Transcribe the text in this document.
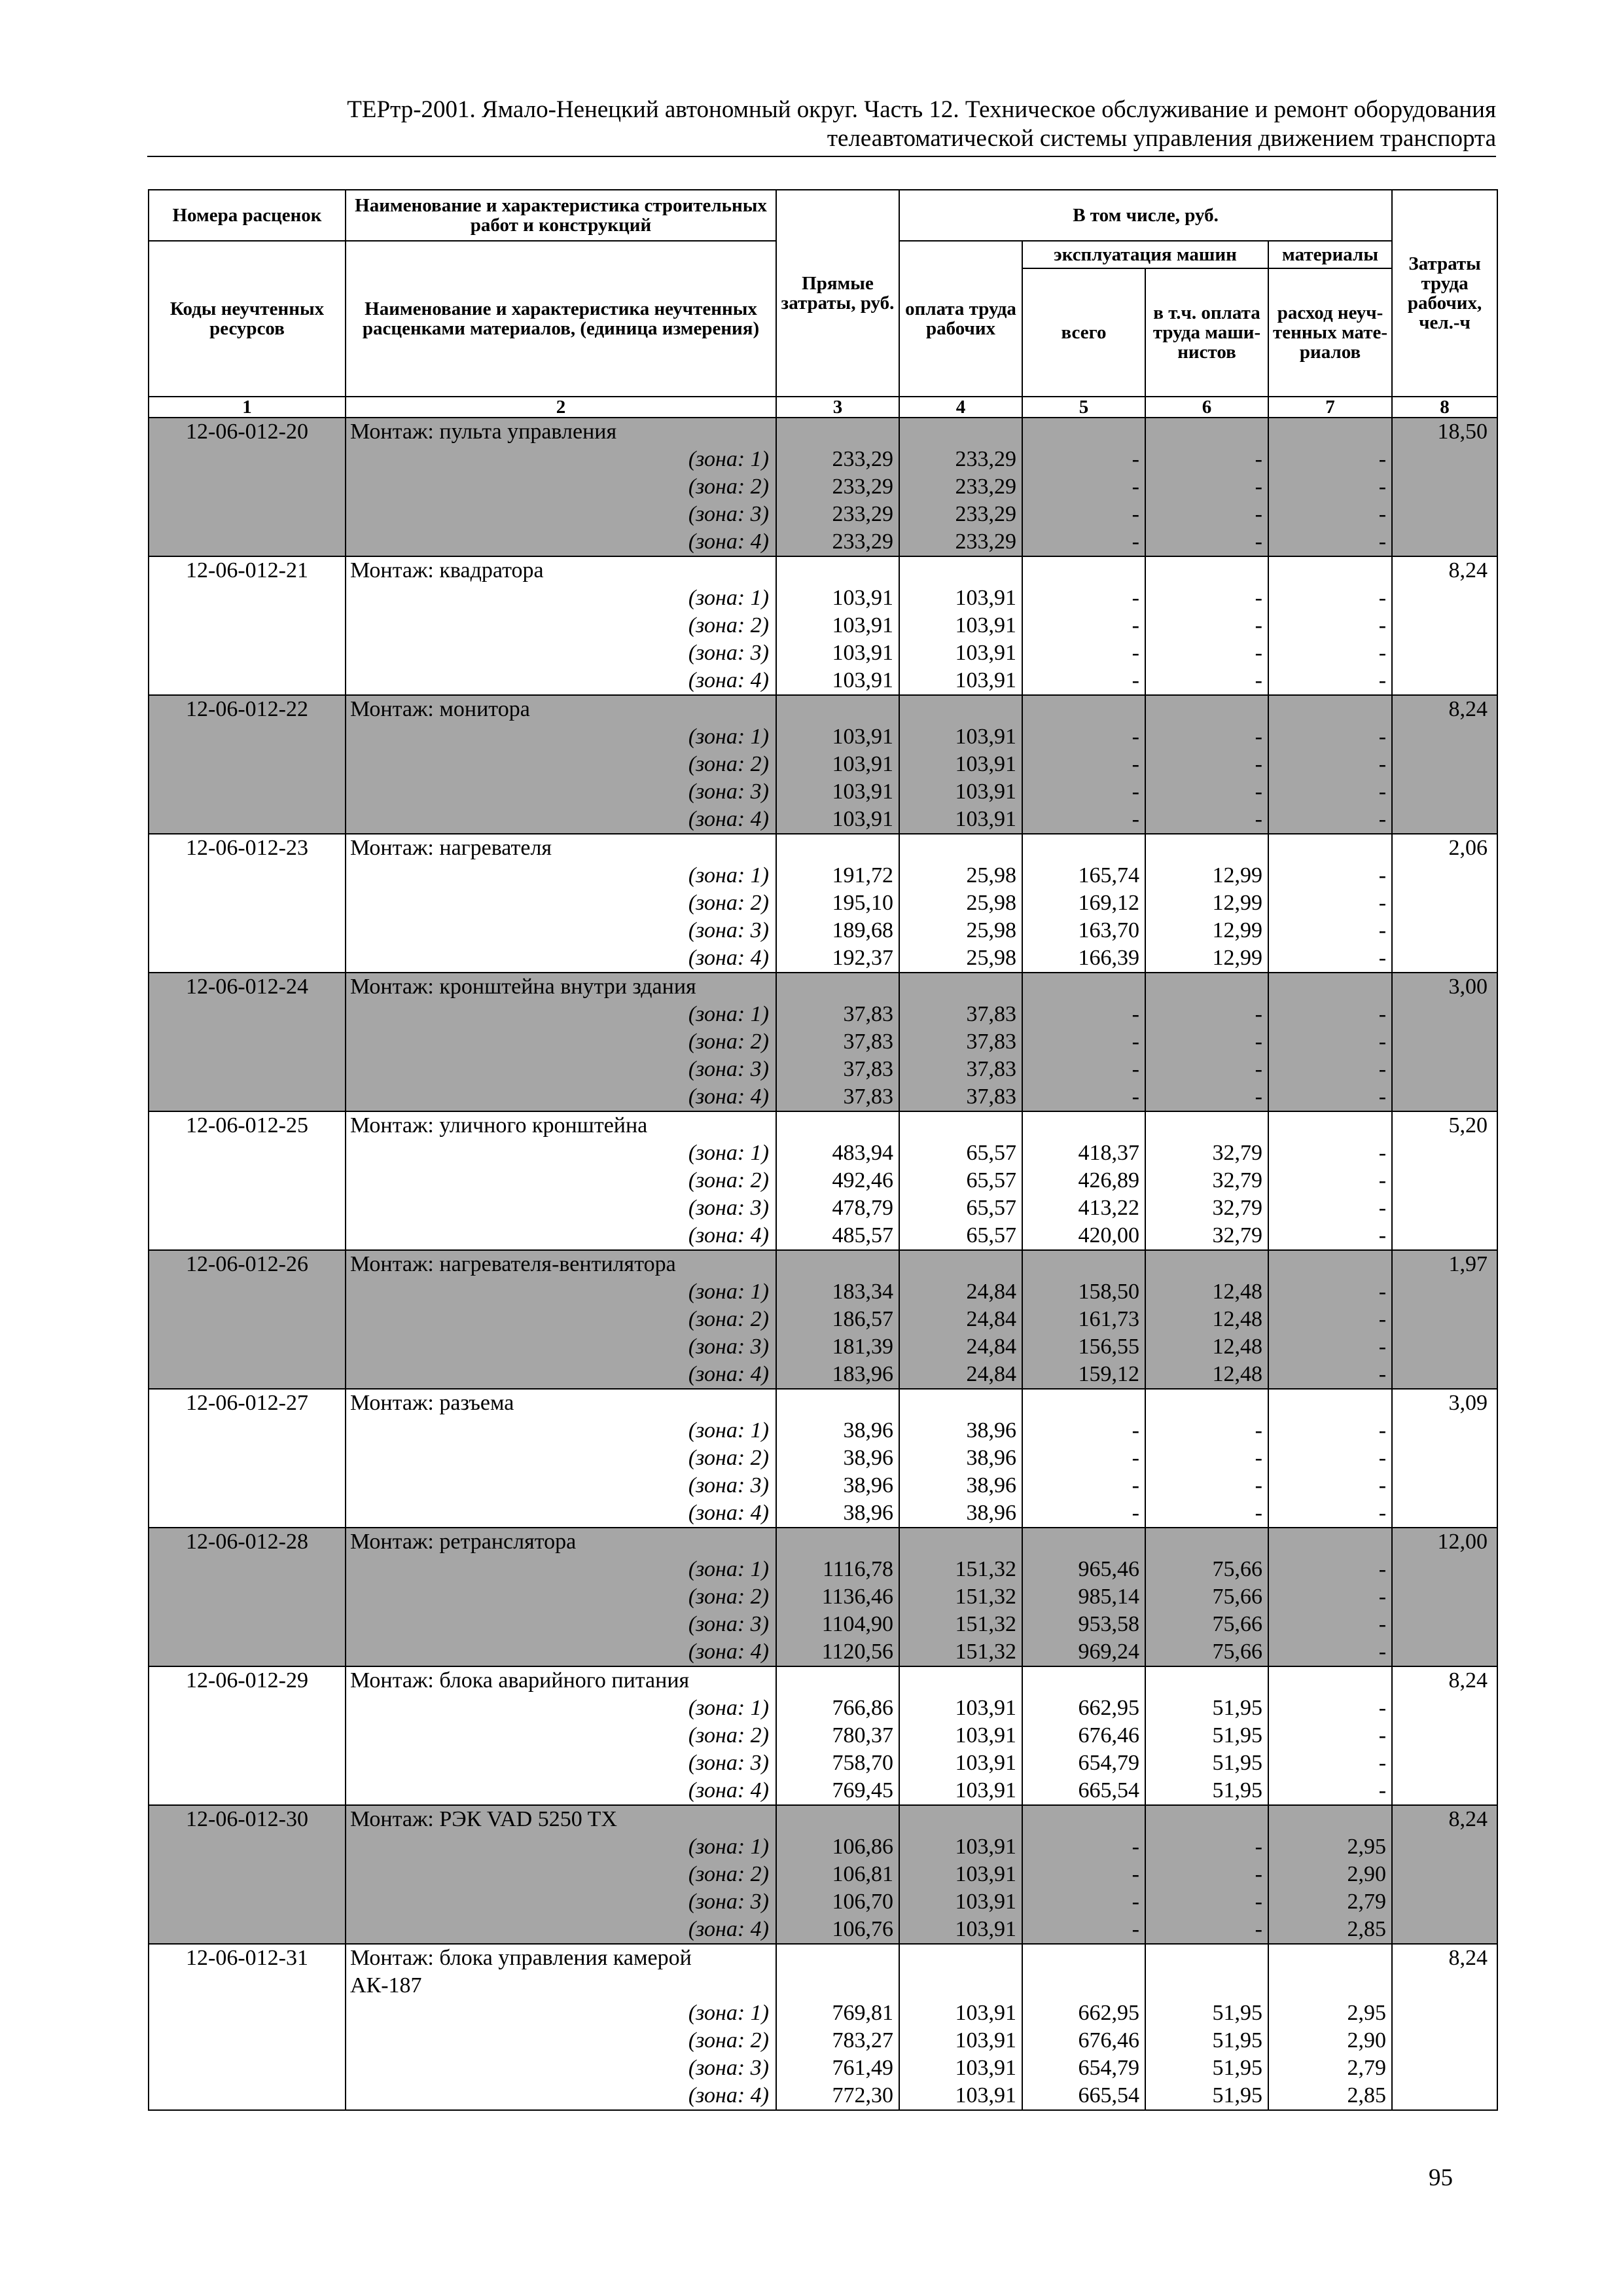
ТЕРтр-2001. Ямало-Ненецкий автономный округ. Часть 12. Техническое обслуживание и ремонт оборудования
телеавтоматической системы управления движением транспорта
Номера расценок	Наименование и характеристика строительных работ и конструкций	Прямые затраты, руб.	В том числе, руб.				Затраты труда рабочих, чел.-ч
Коды неучтенных ресурсов	Наименование и характеристика неучтенных расценками материалов, (единица измерения)		оплата труда рабочих	эксплуатация машин		материалы	
				всего	в т.ч. оплата труда маши-нистов	расход неуч-тенных мате-риалов	
1	2	3	4	5	6	7	8
12-06-012-20	Монтаж: пульта управления						18,50
	(зона: 1)	233,29	233,29	-	-	-	
	(зона: 2)	233,29	233,29	-	-	-	
	(зона: 3)	233,29	233,29	-	-	-	
	(зона: 4)	233,29	233,29	-	-	-	
12-06-012-21	Монтаж: квадратора						8,24
	(зона: 1)	103,91	103,91	-	-	-	
	(зона: 2)	103,91	103,91	-	-	-	
	(зона: 3)	103,91	103,91	-	-	-	
	(зона: 4)	103,91	103,91	-	-	-	
12-06-012-22	Монтаж: монитора						8,24
	(зона: 1)	103,91	103,91	-	-	-	
	(зона: 2)	103,91	103,91	-	-	-	
	(зона: 3)	103,91	103,91	-	-	-	
	(зона: 4)	103,91	103,91	-	-	-	
12-06-012-23	Монтаж: нагревателя						2,06
	(зона: 1)	191,72	25,98	165,74	12,99	-	
	(зона: 2)	195,10	25,98	169,12	12,99	-	
	(зона: 3)	189,68	25,98	163,70	12,99	-	
	(зона: 4)	192,37	25,98	166,39	12,99	-	
12-06-012-24	Монтаж: кронштейна внутри здания						3,00
	(зона: 1)	37,83	37,83	-	-	-	
	(зона: 2)	37,83	37,83	-	-	-	
	(зона: 3)	37,83	37,83	-	-	-	
	(зона: 4)	37,83	37,83	-	-	-	
12-06-012-25	Монтаж: уличного кронштейна						5,20
	(зона: 1)	483,94	65,57	418,37	32,79	-	
	(зона: 2)	492,46	65,57	426,89	32,79	-	
	(зона: 3)	478,79	65,57	413,22	32,79	-	
	(зона: 4)	485,57	65,57	420,00	32,79	-	
12-06-012-26	Монтаж: нагревателя-вентилятора						1,97
	(зона: 1)	183,34	24,84	158,50	12,48	-	
	(зона: 2)	186,57	24,84	161,73	12,48	-	
	(зона: 3)	181,39	24,84	156,55	12,48	-	
	(зона: 4)	183,96	24,84	159,12	12,48	-	
12-06-012-27	Монтаж: разъема						3,09
	(зона: 1)	38,96	38,96	-	-	-	
	(зона: 2)	38,96	38,96	-	-	-	
	(зона: 3)	38,96	38,96	-	-	-	
	(зона: 4)	38,96	38,96	-	-	-	
12-06-012-28	Монтаж: ретранслятора						12,00
	(зона: 1)	1116,78	151,32	965,46	75,66	-	
	(зона: 2)	1136,46	151,32	985,14	75,66	-	
	(зона: 3)	1104,90	151,32	953,58	75,66	-	
	(зона: 4)	1120,56	151,32	969,24	75,66	-	
12-06-012-29	Монтаж: блока аварийного питания						8,24
	(зона: 1)	766,86	103,91	662,95	51,95	-	
	(зона: 2)	780,37	103,91	676,46	51,95	-	
	(зона: 3)	758,70	103,91	654,79	51,95	-	
	(зона: 4)	769,45	103,91	665,54	51,95	-	
12-06-012-30	Монтаж: РЭК VAD 5250 TX						8,24
	(зона: 1)	106,86	103,91	-	-	2,95	
	(зона: 2)	106,81	103,91	-	-	2,90	
	(зона: 3)	106,70	103,91	-	-	2,79	
	(зона: 4)	106,76	103,91	-	-	2,85	
12-06-012-31	Монтаж: блока управления камерой						8,24
	АК-187						
	(зона: 1)	769,81	103,91	662,95	51,95	2,95	
	(зона: 2)	783,27	103,91	676,46	51,95	2,90	
	(зона: 3)	761,49	103,91	654,79	51,95	2,79	
	(зона: 4)	772,30	103,91	665,54	51,95	2,85	
95
